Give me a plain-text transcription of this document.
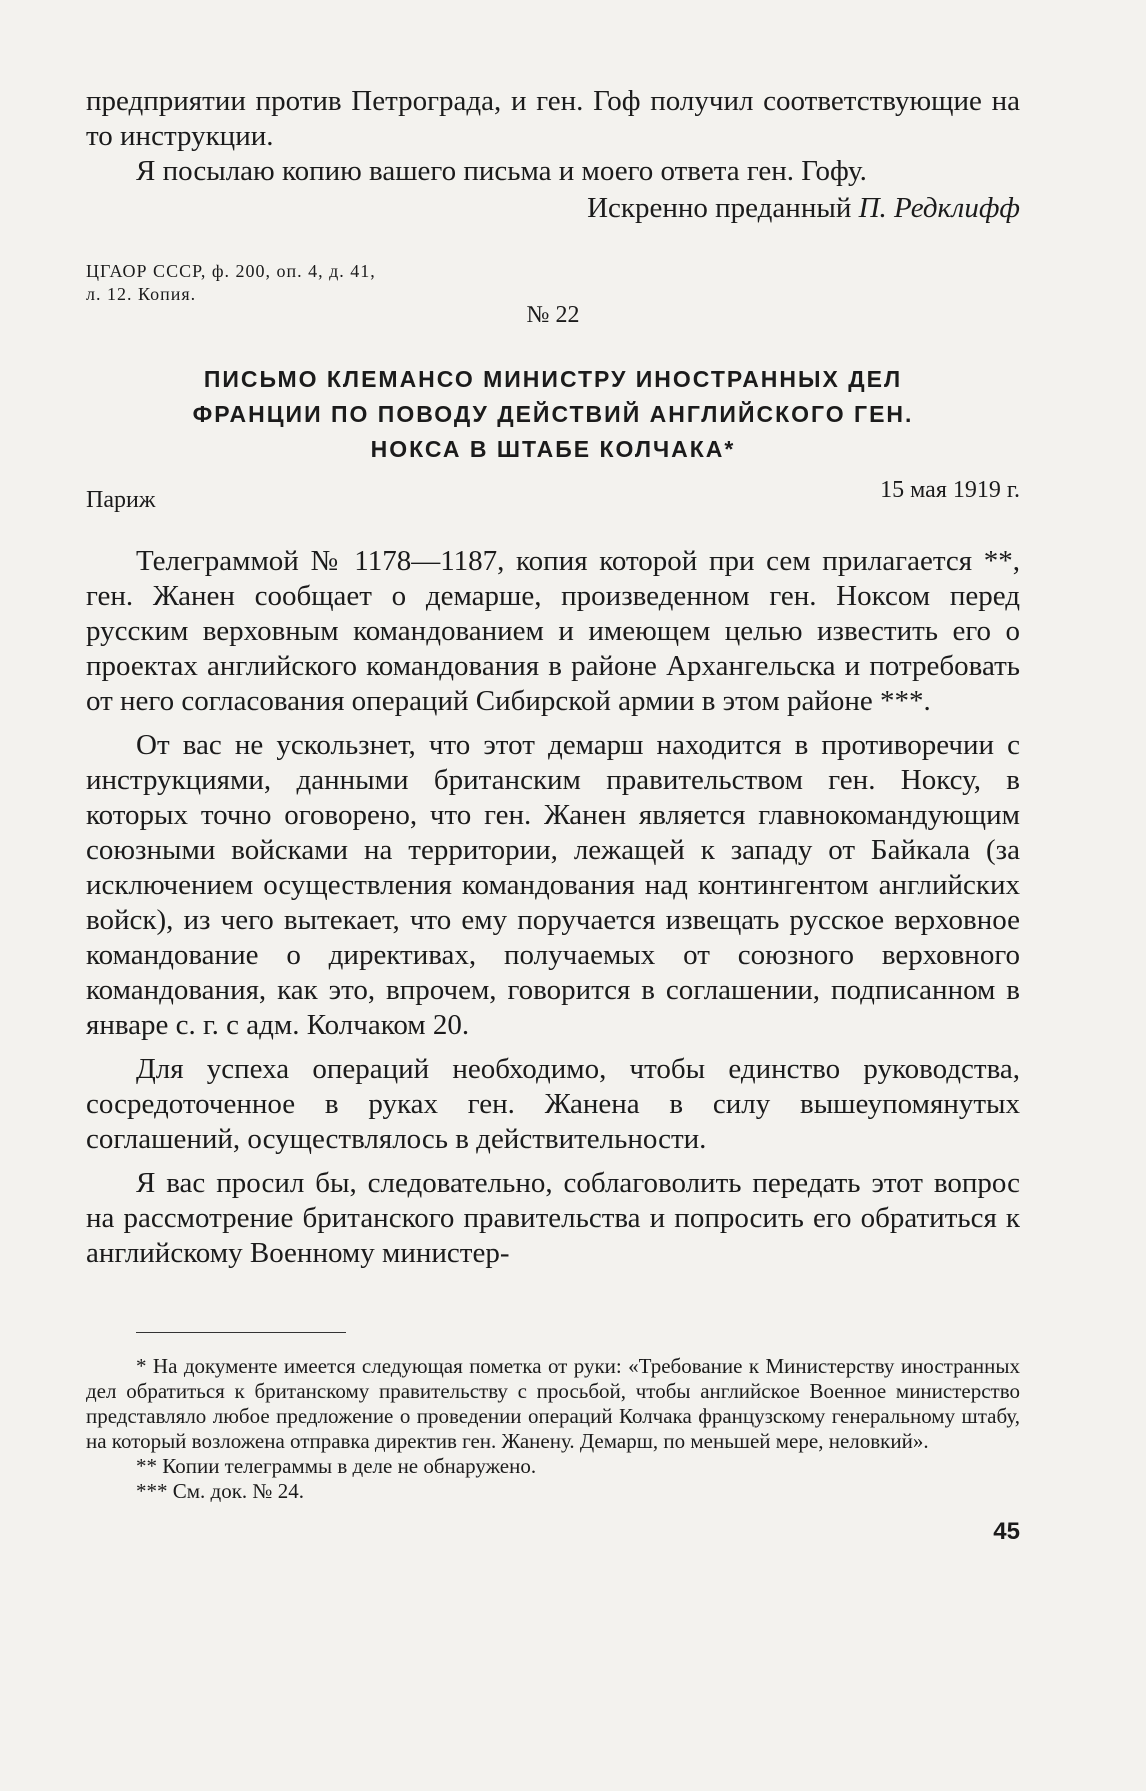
предприятии против Петрограда, и ген. Гоф получил соответствующие на то инструкции.

Я посылаю копию вашего письма и моего ответа ген. Гофу.

Искренно преданный П. Редклифф
ЦГАОР СССР, ф. 200, оп. 4, д. 41,
л. 12. Копия.
№ 22
ПИСЬМО КЛЕМАНСО МИНИСТРУ ИНОСТРАННЫХ ДЕЛ
ФРАНЦИИ ПО ПОВОДУ ДЕЙСТВИЙ АНГЛИЙСКОГО ГЕН.
НОКСА В ШТАБЕ КОЛЧАКА*
Париж	15 мая 1919 г.

Телеграммой № 1178—1187, копия которой при сем прилагается **, ген. Жанен сообщает о демарше, произведенном ген. Ноксом перед русским верховным командованием и имеющем целью известить его о проектах английского командования в районе Архангельска и потребовать от него согласования операций Сибирской армии в этом районе ***.

От вас не ускользнет, что этот демарш находится в противоречии с инструкциями, данными британским правительством ген. Ноксу, в которых точно оговорено, что ген. Жанен является главнокомандующим союзными войсками на территории, лежащей к западу от Байкала (за исключением осуществления командования над контингентом английских войск), из чего вытекает, что ему поручается извещать русское верховное командование о директивах, получаемых от союзного верховного командования, как это, впрочем, говорится в соглашении, подписанном в январе с. г. с адм. Колчаком 20.

Для успеха операций необходимо, чтобы единство руководства, сосредоточенное в руках ген. Жанена в силу вышеупомянутых соглашений, осуществлялось в действительности.

Я вас просил бы, следовательно, соблаговолить передать этот вопрос на рассмотрение британского правительства и попросить его обратиться к английскому Военному министер-

* На документе имеется следующая пометка от руки: «Требование к Министерству иностранных дел обратиться к британскому правительству с просьбой, чтобы английское Военное министерство представляло любое предложение о проведении операций Колчака французскому генеральному штабу, на который возложена отправка директив ген. Жанену. Демарш, по меньшей мере, неловкий».

** Копии телеграммы в деле не обнаружено.

*** См. док. № 24.

45
